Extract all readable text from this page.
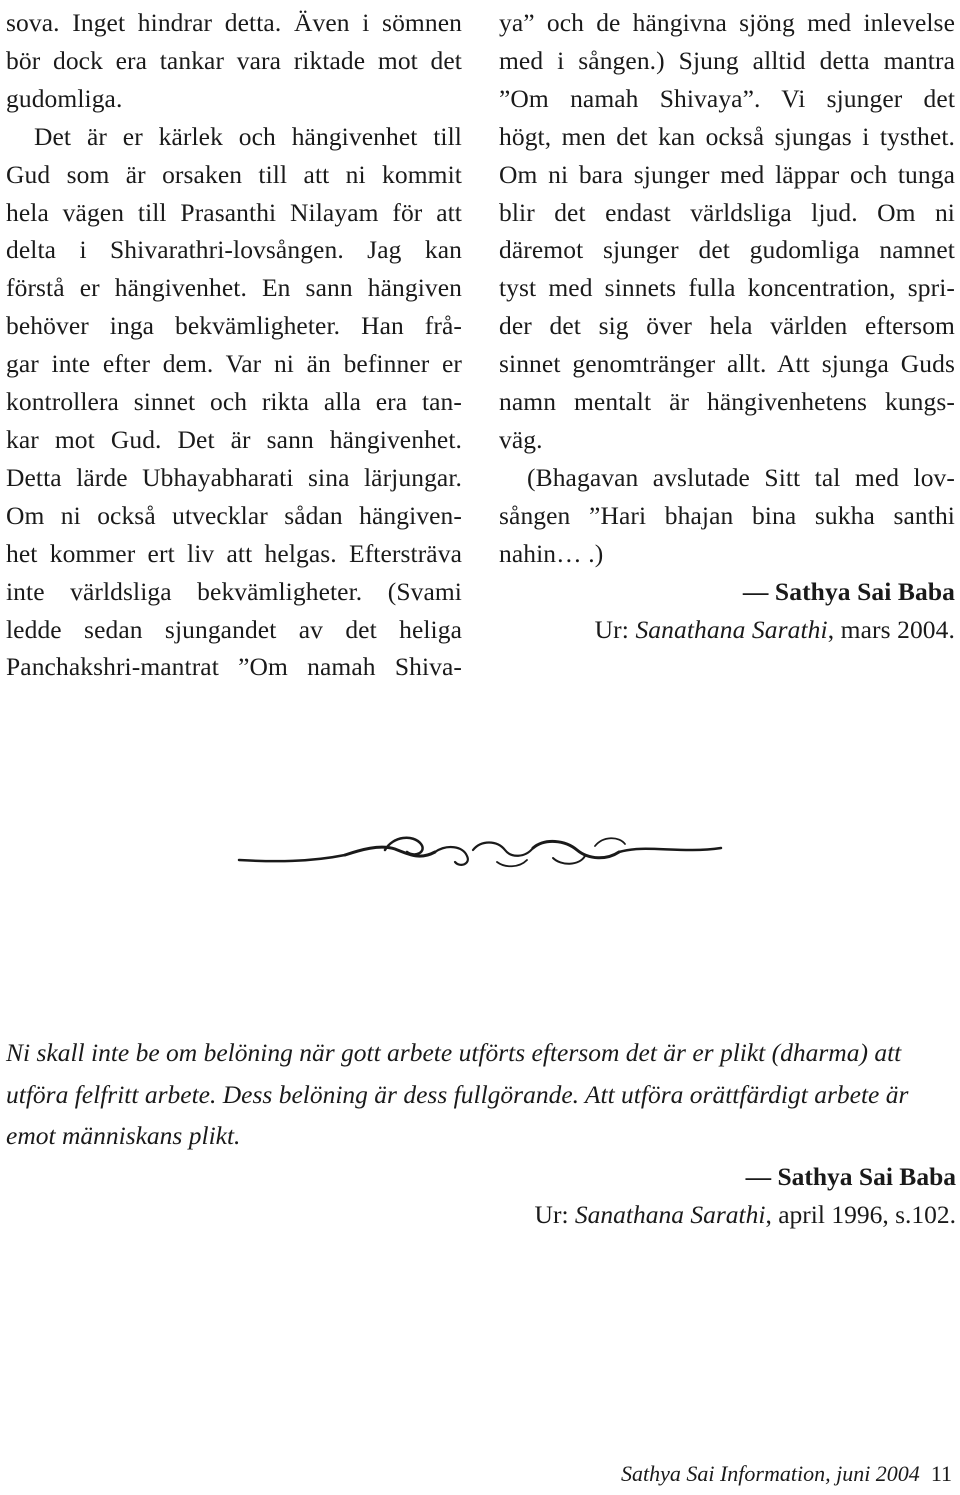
sova. Inget hindrar detta. Även i sömnen
bör dock era tankar vara riktade mot det
gudomliga.
Det är er kärlek och hängivenhet till
Gud som är orsaken till att ni kommit
hela vägen till Prasanthi Nilayam för att
delta i Shivarathri-lovsången. Jag kan
förstå er hängivenhet. En sann hängiven
behöver inga bekvämligheter. Han frå-
gar inte efter dem. Var ni än befinner er
kontrollera sinnet och rikta alla era tan-
kar mot Gud. Det är sann hängivenhet.
Detta lärde Ubhayabharati sina lärjungar.
Om ni också utvecklar sådan hängiven-
het kommer ert liv att helgas. Eftersträva
inte världsliga bekvämligheter. (Svami
ledde sedan sjungandet av det heliga
Panchakshri-mantrat ”Om namah Shiva-
ya” och de hängivna sjöng med inlevelse
med i sången.) Sjung alltid detta mantra
”Om namah Shivaya”. Vi sjunger det
högt, men det kan också sjungas i tysthet.
Om ni bara sjunger med läppar och tunga
blir det endast världsliga ljud. Om ni
däremot sjunger det gudomliga namnet
tyst med sinnets fulla koncentration, spri-
der det sig över hela världen eftersom
sinnet genomtränger allt. Att sjunga Guds
namn mentalt är hängivenhetens kungs-
väg.
(Bhagavan avslutade Sitt tal med lov-
sången ”Hari bhajan bina sukha santhi
nahin… .)
— Sathya Sai Baba
Ur: Sanathana Sarathi, mars 2004.
Ni skall inte be om belöning när gott arbete utförts eftersom det är er plikt (dharma) att utföra felfritt arbete. Dess belöning är dess fullgörande. Att utföra orättfärdigt arbete är emot människans plikt.
— Sathya Sai Baba
Ur: Sanathana Sarathi, april 1996, s.102.
Sathya Sai Information, juni 2004 11
